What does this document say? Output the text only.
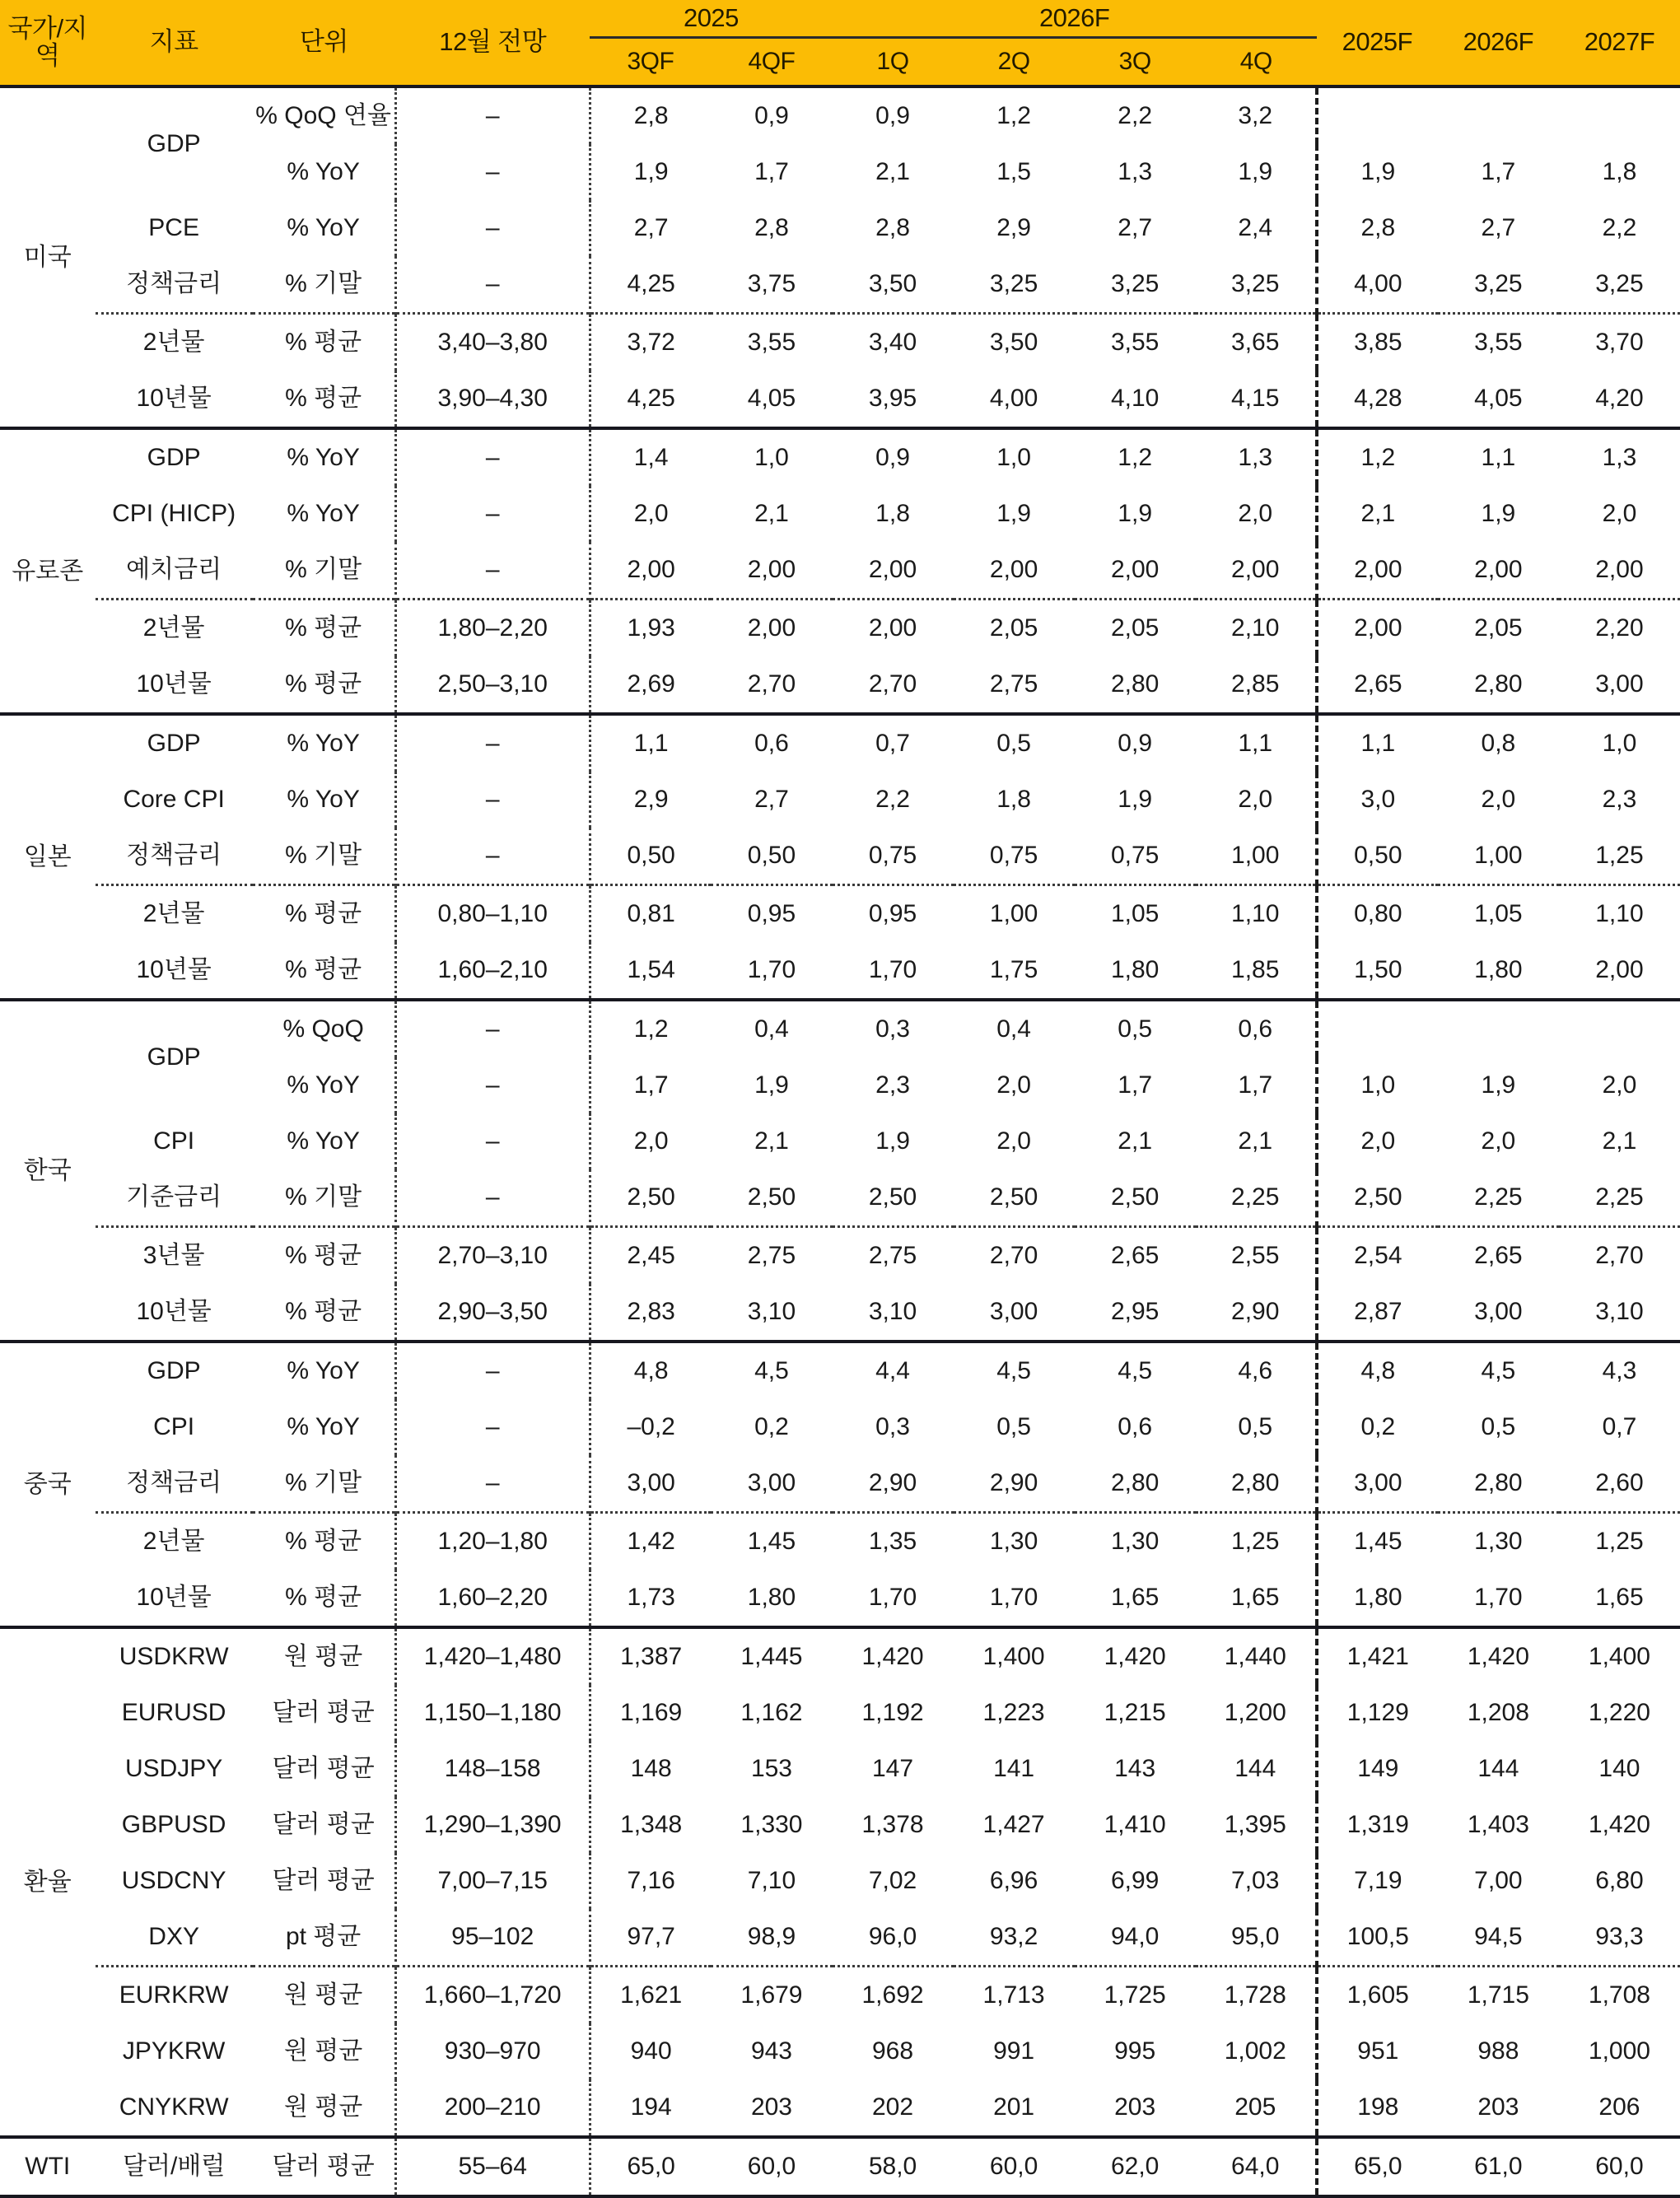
국가/지역	지표	단위	12월 전망	2025		2026F				2025F	2026F	2027F
				3QF	4QF	1Q	2Q	3Q	4Q			
미국	GDP	% QoQ 연율	–	2,8	0,9	0,9	1,2	2,2	3,2			
		% YoY	–	1,9	1,7	2,1	1,5	1,3	1,9	1,9	1,7	1,8
	PCE	% YoY	–	2,7	2,8	2,8	2,9	2,7	2,4	2,8	2,7	2,2
	정책금리	% 기말	–	4,25	3,75	3,50	3,25	3,25	3,25	4,00	3,25	3,25
	2년물	% 평균	3,40–3,80	3,72	3,55	3,40	3,50	3,55	3,65	3,85	3,55	3,70
	10년물	% 평균	3,90–4,30	4,25	4,05	3,95	4,00	4,10	4,15	4,28	4,05	4,20
유로존	GDP	% YoY	–	1,4	1,0	0,9	1,0	1,2	1,3	1,2	1,1	1,3
	CPI (HICP)	% YoY	–	2,0	2,1	1,8	1,9	1,9	2,0	2,1	1,9	2,0
	예치금리	% 기말	–	2,00	2,00	2,00	2,00	2,00	2,00	2,00	2,00	2,00
	2년물	% 평균	1,80–2,20	1,93	2,00	2,00	2,05	2,05	2,10	2,00	2,05	2,20
	10년물	% 평균	2,50–3,10	2,69	2,70	2,70	2,75	2,80	2,85	2,65	2,80	3,00
일본	GDP	% YoY	–	1,1	0,6	0,7	0,5	0,9	1,1	1,1	0,8	1,0
	Core CPI	% YoY	–	2,9	2,7	2,2	1,8	1,9	2,0	3,0	2,0	2,3
	정책금리	% 기말	–	0,50	0,50	0,75	0,75	0,75	1,00	0,50	1,00	1,25
	2년물	% 평균	0,80–1,10	0,81	0,95	0,95	1,00	1,05	1,10	0,80	1,05	1,10
	10년물	% 평균	1,60–2,10	1,54	1,70	1,70	1,75	1,80	1,85	1,50	1,80	2,00
한국	GDP	% QoQ	–	1,2	0,4	0,3	0,4	0,5	0,6			
		% YoY	–	1,7	1,9	2,3	2,0	1,7	1,7	1,0	1,9	2,0
	CPI	% YoY	–	2,0	2,1	1,9	2,0	2,1	2,1	2,0	2,0	2,1
	기준금리	% 기말	–	2,50	2,50	2,50	2,50	2,50	2,25	2,50	2,25	2,25
	3년물	% 평균	2,70–3,10	2,45	2,75	2,75	2,70	2,65	2,55	2,54	2,65	2,70
	10년물	% 평균	2,90–3,50	2,83	3,10	3,10	3,00	2,95	2,90	2,87	3,00	3,10
중국	GDP	% YoY	–	4,8	4,5	4,4	4,5	4,5	4,6	4,8	4,5	4,3
	CPI	% YoY	–	–0,2	0,2	0,3	0,5	0,6	0,5	0,2	0,5	0,7
	정책금리	% 기말	–	3,00	3,00	2,90	2,90	2,80	2,80	3,00	2,80	2,60
	2년물	% 평균	1,20–1,80	1,42	1,45	1,35	1,30	1,30	1,25	1,45	1,30	1,25
	10년물	% 평균	1,60–2,20	1,73	1,80	1,70	1,70	1,65	1,65	1,80	1,70	1,65
환율	USDKRW	원 평균	1,420–1,480	1,387	1,445	1,420	1,400	1,420	1,440	1,421	1,420	1,400
	EURUSD	달러 평균	1,150–1,180	1,169	1,162	1,192	1,223	1,215	1,200	1,129	1,208	1,220
	USDJPY	달러 평균	148–158	148	153	147	141	143	144	149	144	140
	GBPUSD	달러 평균	1,290–1,390	1,348	1,330	1,378	1,427	1,410	1,395	1,319	1,403	1,420
	USDCNY	달러 평균	7,00–7,15	7,16	7,10	7,02	6,96	6,99	7,03	7,19	7,00	6,80
	DXY	pt 평균	95–102	97,7	98,9	96,0	93,2	94,0	95,0	100,5	94,5	93,3
	EURKRW	원 평균	1,660–1,720	1,621	1,679	1,692	1,713	1,725	1,728	1,605	1,715	1,708
	JPYKRW	원 평균	930–970	940	943	968	991	995	1,002	951	988	1,000
	CNYKRW	원 평균	200–210	194	203	202	201	203	205	198	203	206
WTI	달러/배럴	달러 평균	55–64	65,0	60,0	58,0	60,0	62,0	64,0	65,0	61,0	60,0
